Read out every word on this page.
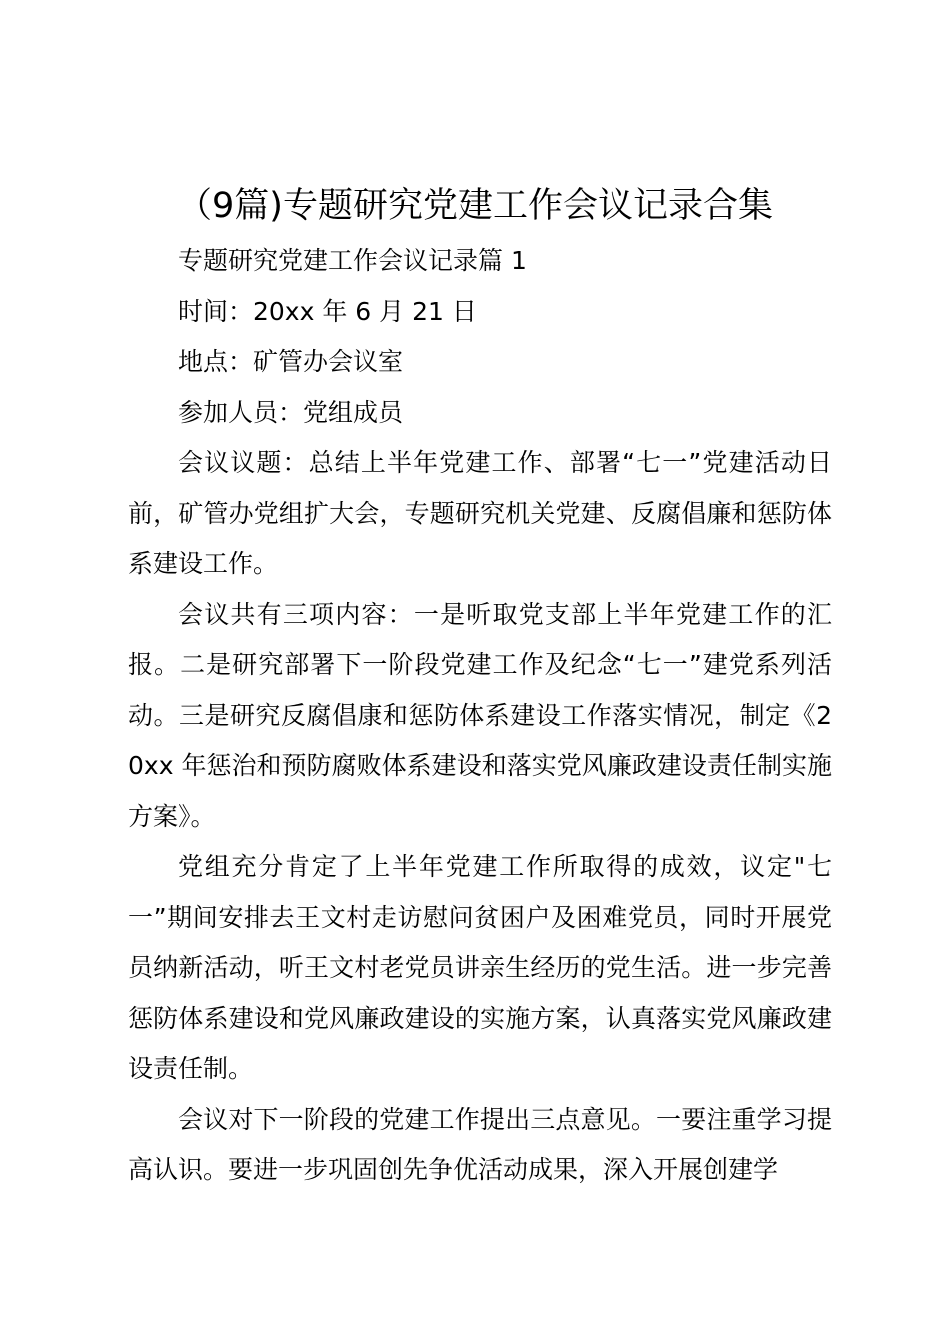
（9篇)专题研究党建工作会议记录合集

专题研究党建工作会议记录篇 1

时间：20xx 年 6 月 21 日

地点：矿管办会议室

参加人员：党组成员

会议议题：总结上半年党建工作、部署“七一”党建活动日前，矿管办党组扩大会，专题研究机关党建、反腐倡廉和惩防体系建设工作。

会议共有三项内容：一是听取党支部上半年党建工作的汇报。二是研究部署下一阶段党建工作及纪念“七一”建党系列活动。三是研究反腐倡康和惩防体系建设工作落实情况，制定《20xx 年惩治和预防腐败体系建设和落实党风廉政建设责任制实施方案》。

党组充分肯定了上半年党建工作所取得的成效，议定"七一”期间安排去王文村走访慰问贫困户及困难党员，同时开展党员纳新活动，听王文村老党员讲亲生经历的党生活。进一步完善惩防体系建设和党风廉政建设的实施方案，认真落实党风廉政建设责任制。

会议对下一阶段的党建工作提出三点意见。一要注重学习提高认识。要进一步巩固创先争优活动成果，深入开展创建学
